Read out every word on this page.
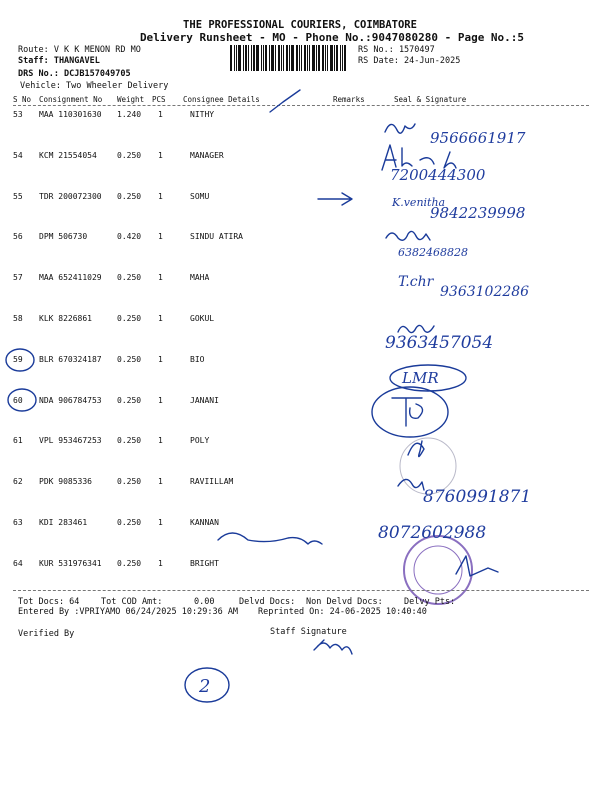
THE PROFESSIONAL COURIERS, COIMBATORE
Delivery Runsheet - MO - Phone No.:9047080280 - Page No.:5
Route: V K K MENON RD MO
Staff: THANGAVEL
DRS No.: DCJB157049705
Vehicle: Two Wheeler Delivery
RS No.: 1570497
RS Date: 24-Jun-2025
S No Consignment No Weight PCS Consignee Details	Remarks	Seal & Signature
53 MAA 110301630 1.240 1	NITHY
54 KCM 21554054	0.250 1	MANAGER
55 TDR 200072300 0.250 1	SOMU
56 DPM 506730	0.420 1	SINDU ATIRA
57 MAA 652411029 0.250 1	MAHA
58 KLK 8226861	0.250 1	GOKUL
59 BLR 670324187 0.250 1	BIO
60 NDA 906784753 0.250 1	JANANI
61 VPL 953467253 0.250 1	POLY
62 PDK 9085336	0.250 1	RAVIILLAM
63 KDI 283461	0.250 1	KANNAN
64 KUR 531976341 0.250 1	BRIGHT
9566661917
7200444300
K.venitha
9842239998
6382468828
T.chr
9363102286
9363457054
LMR
8760991871
8072602988
2
Tot Docs: 64	Tot COD Amt:	0.00	Delvd Docs: Non Delvd Docs: Delvy Pts:
Entered By :VPRIYAMO 06/24/2025 10:29:36 AM Reprinted On: 24-06-2025 10:40:40
Verified By	Staff Signature
